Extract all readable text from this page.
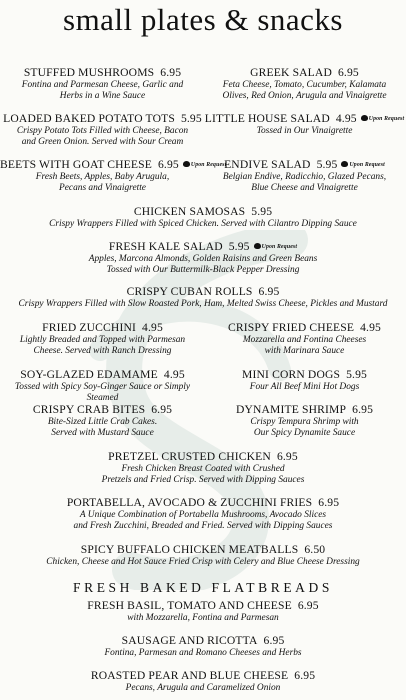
small plates & snacks
STUFFED MUSHROOMS 6.95
Fontina and Parmesan Cheese, Garlic and
Herbs in a Wine Sauce
GREEK SALAD 6.95
Feta Cheese, Tomato, Cucumber, Kalamata
Olives, Red Onion, Arugula and Vinaigrette
LOADED BAKED POTATO TOTS 5.95
Crispy Potato Tots Filled with Cheese, Bacon
and Green Onion. Served with Sour Cream
LITTLE HOUSE SALAD 4.95 Upon Request
Tossed in Our Vinaigrette
BEETS WITH GOAT CHEESE 6.95 Upon Request
Fresh Beets, Apples, Baby Arugula,
Pecans and Vinaigrette
ENDIVE SALAD 5.95 Upon Request
Belgian Endive, Radicchio, Glazed Pecans,
Blue Cheese and Vinaigrette
CHICKEN SAMOSAS 5.95
Crispy Wrappers Filled with Spiced Chicken. Served with Cilantro Dipping Sauce
FRESH KALE SALAD 5.95 Upon Request
Apples, Marcona Almonds, Golden Raisins and Green Beans
Tossed with Our Buttermilk-Black Pepper Dressing
CRISPY CUBAN ROLLS 6.95
Crispy Wrappers Filled with Slow Roasted Pork, Ham, Melted Swiss Cheese, Pickles and Mustard
FRIED ZUCCHINI 4.95
Lightly Breaded and Topped with Parmesan
Cheese. Served with Ranch Dressing
CRISPY FRIED CHEESE 4.95
Mozzarella and Fontina Cheeses
with Marinara Sauce
SOY-GLAZED EDAMAME 4.95
Tossed with Spicy Soy-Ginger Sauce or Simply Steamed
MINI CORN DOGS 5.95
Four All Beef Mini Hot Dogs
CRISPY CRAB BITES 6.95
Bite-Sized Little Crab Cakes.
Served with Mustard Sauce
DYNAMITE SHRIMP 6.95
Crispy Tempura Shrimp with
Our Spicy Dynamite Sauce
PRETZEL CRUSTED CHICKEN 6.95
Fresh Chicken Breast Coated with Crushed
Pretzels and Fried Crisp. Served with Dipping Sauces
PORTABELLA, AVOCADO & ZUCCHINI FRIES 6.95
A Unique Combination of Portabella Mushrooms, Avocado Slices
and Fresh Zucchini, Breaded and Fried. Served with Dipping Sauces
SPICY BUFFALO CHICKEN MEATBALLS 6.50
Chicken, Cheese and Hot Sauce Fried Crisp with Celery and Blue Cheese Dressing
FRESH BAKED FLATBREADS
FRESH BASIL, TOMATO AND CHEESE 6.95
with Mozzarella, Fontina and Parmesan
SAUSAGE AND RICOTTA 6.95
Fontina, Parmesan and Romano Cheeses and Herbs
ROASTED PEAR AND BLUE CHEESE 6.95
Pecans, Arugula and Caramelized Onion
